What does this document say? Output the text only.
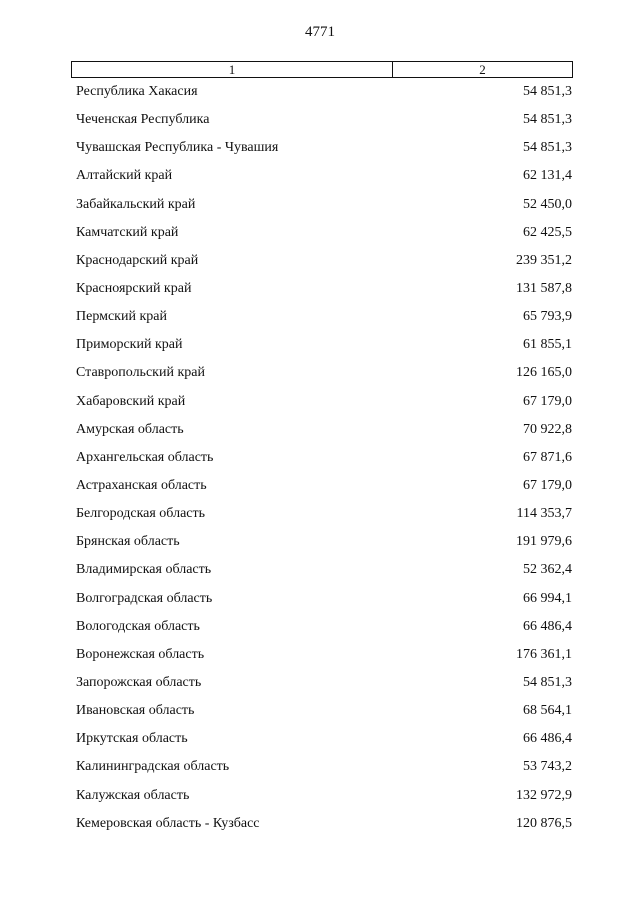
4771
1	2
Республика Хакасия	54 851,3
Чеченская Республика	54 851,3
Чувашская Республика - Чувашия	54 851,3
Алтайский край	62 131,4
Забайкальский край	52 450,0
Камчатский край	62 425,5
Краснодарский край	239 351,2
Красноярский край	131 587,8
Пермский край	65 793,9
Приморский край	61 855,1
Ставропольский край	126 165,0
Хабаровский край	67 179,0
Амурская область	70 922,8
Архангельская область	67 871,6
Астраханская область	67 179,0
Белгородская область	114 353,7
Брянская область	191 979,6
Владимирская область	52 362,4
Волгоградская область	66 994,1
Вологодская область	66 486,4
Воронежская область	176 361,1
Запорожская область	54 851,3
Ивановская область	68 564,1
Иркутская область	66 486,4
Калининградская область	53 743,2
Калужская область	132 972,9
Кемеровская область - Кузбасс	120 876,5
